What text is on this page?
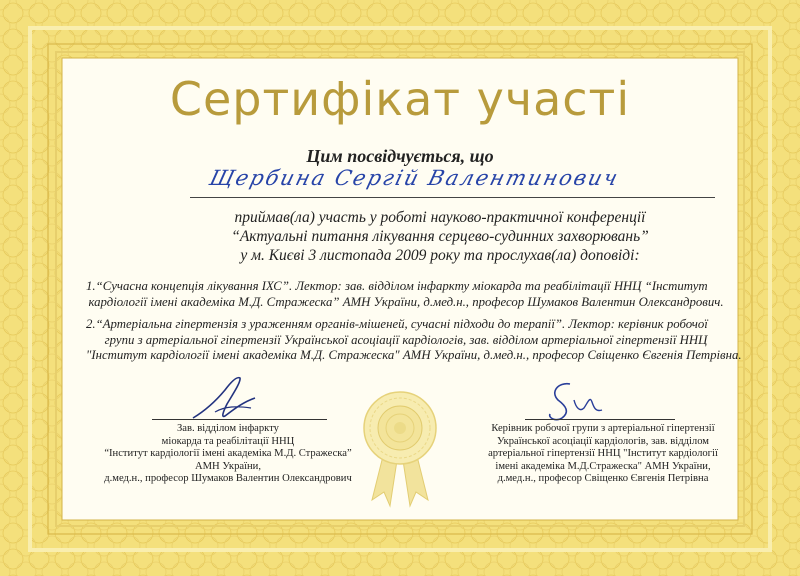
Сертифікат участі
Цим посвідчується, що
Щербина Сергій Валентинович
приймав(ла) участь у роботі науково-практичної конференції
“Актуальні питання лікування серцево-судинних захворювань”
у м. Києві 3 листопада 2009 року та прослухав(ла) доповіді:
1.“Сучасна концепція лікування ІХС”. Лектор: зав. відділом інфаркту міокарда та реабілітації ННЦ “Інститут
кардіології імені академіка М.Д. Стражеска” АМН України, д.мед.н., професор Шумаков Валентин Олександрович.
2.“Артеріальна гіпертензія з ураженням органів-мішеней, сучасні підходи до терапії”. Лектор: керівник робочої
групи з артеріальної гіпертензії Української асоціації кардіологів, зав. відділом артеріальної гіпертензії ННЦ
"Інститут кардіології імені академіка М.Д. Стражеска" АМН України, д.мед.н., професор Свіщенко Євгенія Петрівна.
Зав. відділом інфаркту
міокарда та реабілітації ННЦ
“Інститут кардіології імені академіка М.Д. Стражеска”
АМН України,
д.мед.н., професор Шумаков Валентин Олександрович
Керівник робочої групи з артеріальної гіпертензії
Української асоціації кардіологів, зав. відділом
артеріальної гіпертензії ННЦ "Інститут кардіології
імені академіка М.Д.Стражеска" АМН України,
д.мед.н., професор Свіщенко Євгенія Петрівна
